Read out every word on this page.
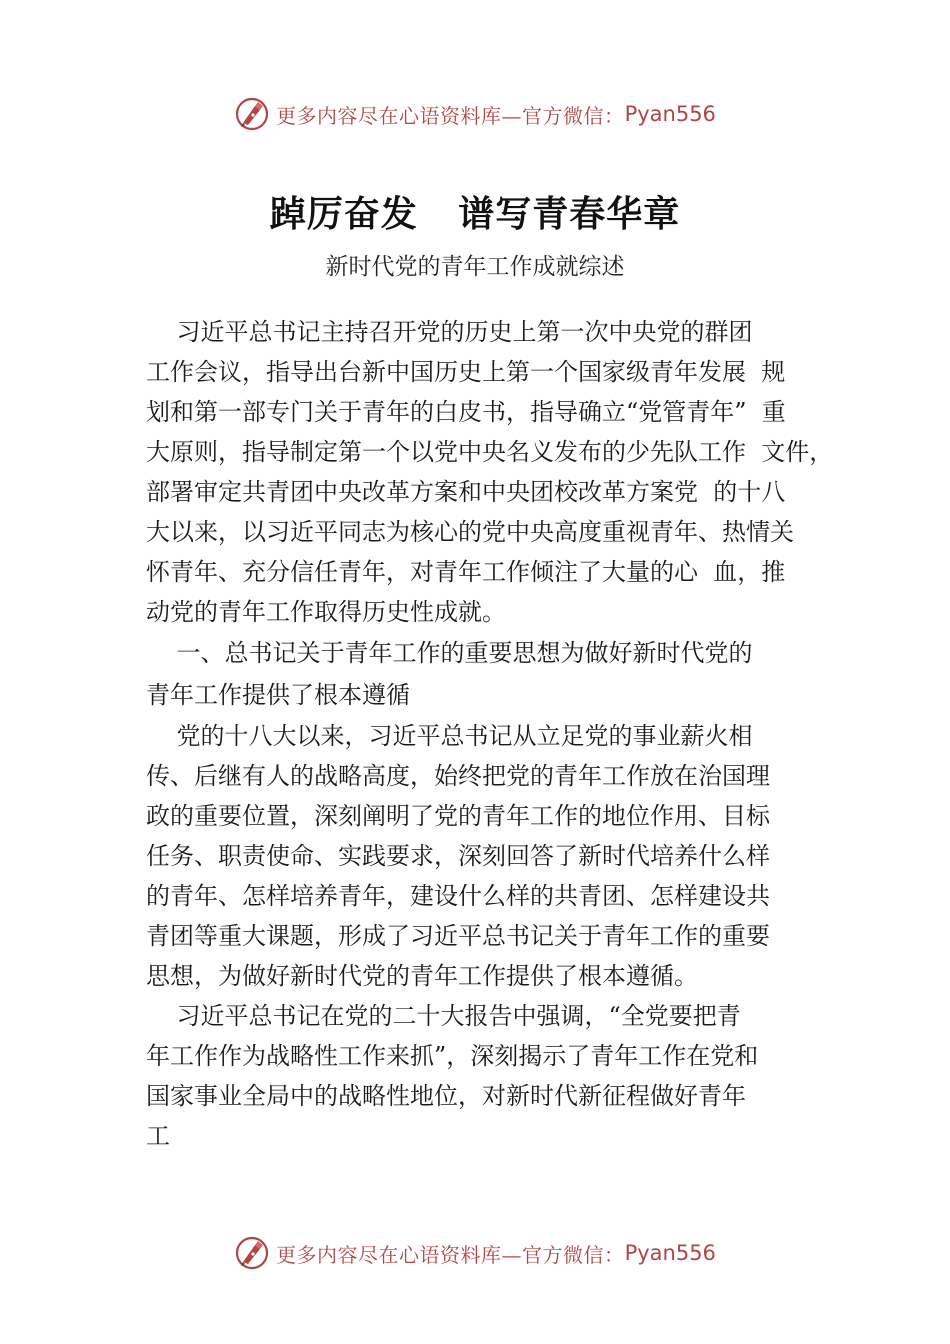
更多内容尽在心语资料库—官方微信： Pyan556
踔厉奋发   谱写青春华章
新时代党的青年工作成就综述
习近平总书记主持召开党的历史上第一次中央党的群团
工作会议，指导出台新中国历史上第一个国家级青年发展  规
划和第一部专门关于青年的白皮书，指导确立“党管青年”  重
大原则，指导制定第一个以党中央名义发布的少先队工作  文件，
部署审定共青团中央改革方案和中央团校改革方案党  的十八
大以来，以习近平同志为核心的党中央高度重视青年、热情关
怀青年、充分信任青年，对青年工作倾注了大量的心  血，推
动党的青年工作取得历史性成就。
一、总书记关于青年工作的重要思想为做好新时代党的
青年工作提供了根本遵循
党的十八大以来，习近平总书记从立足党的事业薪火相
传、后继有人的战略高度，始终把党的青年工作放在治国理
政的重要位置，深刻阐明了党的青年工作的地位作用、目标
任务、职责使命、实践要求，深刻回答了新时代培养什么样
的青年、怎样培养青年，建设什么样的共青团、怎样建设共
青团等重大课题，形成了习近平总书记关于青年工作的重要
思想，为做好新时代党的青年工作提供了根本遵循。
习近平总书记在党的二十大报告中强调，“全党要把青
年工作作为战略性工作来抓”，深刻揭示了青年工作在党和
国家事业全局中的战略性地位，对新时代新征程做好青年
工
更多内容尽在心语资料库—官方微信： Pyan556
